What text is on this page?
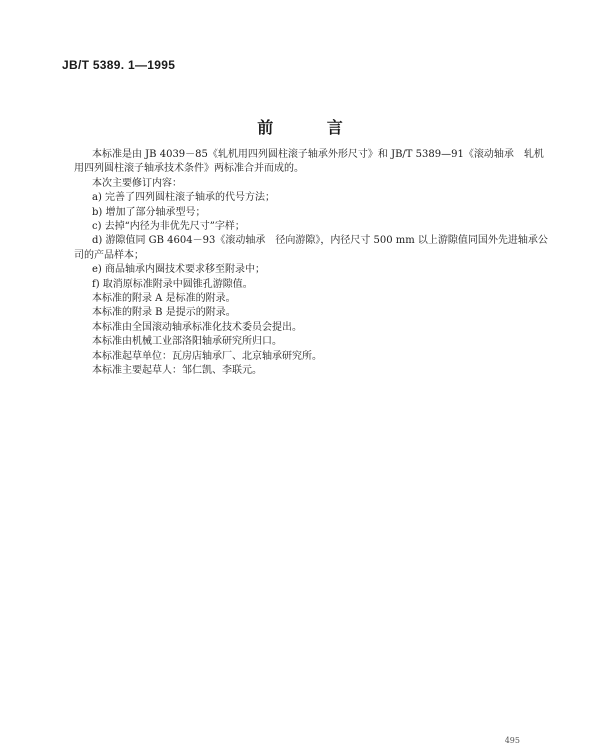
JB/T 5389. 1—1995
前 言

本标准是由 JB 4039－85《轧机用四列圆柱滚子轴承外形尺寸》和 JB/T 5389—91《滚动轴承　轧机用四列圆柱滚子轴承技术条件》两标准合并而成的。

本次主要修订内容：

a) 完善了四列圆柱滚子轴承的代号方法；

b) 增加了部分轴承型号；

c) 去掉“内径为非优先尺寸”字样；

d) 游隙值同 GB 4604－93《滚动轴承　径向游隙》，内径尺寸 500 mm 以上游隙值同国外先进轴承公司的产品样本；

e) 商品轴承内圈技术要求移至附录中；

f) 取消原标准附录中圆锥孔游隙值。

本标准的附录 A 是标准的附录。

本标准的附录 B 是提示的附录。

本标准由全国滚动轴承标准化技术委员会提出。

本标准由机械工业部洛阳轴承研究所归口。

本标准起草单位：瓦房店轴承厂、北京轴承研究所。

本标准主要起草人：邹仁凯、李联元。

495
